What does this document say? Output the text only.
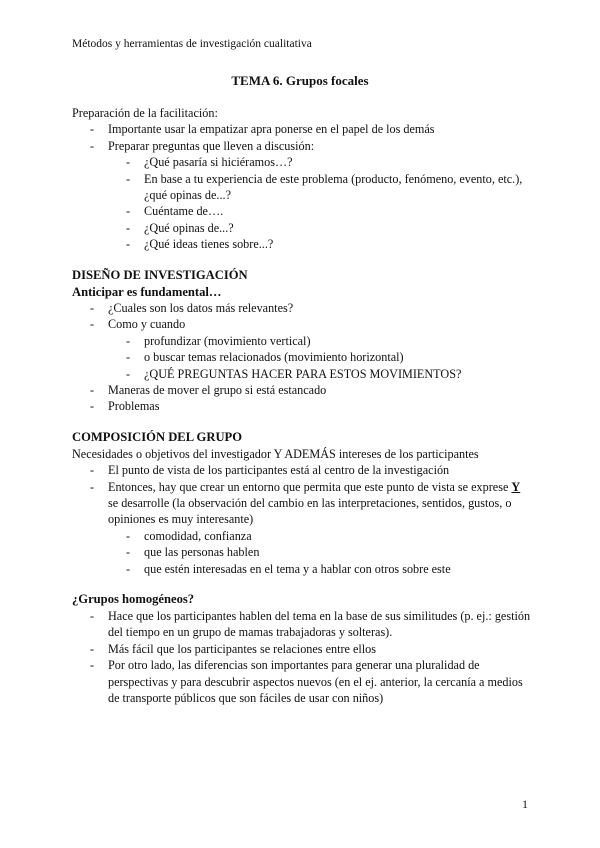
Métodos y herramientas de investigación cualitativa
TEMA 6. Grupos focales

Preparación de la facilitación:

- Importante usar la empatizar apra ponerse en el papel de los demás
- Preparar preguntas que lleven a discusión:
- ¿Qué pasaría si hiciéramos…?
- En base a tu experiencia de este problema (producto, fenómeno, evento, etc.), ¿qué opinas de...?
- Cuéntame de….
- ¿Qué opinas de...?
- ¿Qué ideas tienes sobre...?

DISEÑO DE INVESTIGACIÓN

Anticipar es fundamental…

- ¿Cuales son los datos más relevantes?
- Como y cuando
- profundizar (movimiento vertical)
- o buscar temas relacionados (movimiento horizontal)
- ¿QUÉ PREGUNTAS HACER PARA ESTOS MOVIMIENTOS?
- Maneras de mover el grupo si está estancado
- Problemas

COMPOSICIÓN DEL GRUPO

Necesidades o objetivos del investigador Y ADEMÁS intereses de los participantes

- El punto de vista de los participantes está al centro de la investigación
- Entonces, hay que crear un entorno que permita que este punto de vista se exprese Y se desarrolle (la observación del cambio en las interpretaciones, sentidos, gustos, o opiniones es muy interesante)
- comodidad, confianza
- que las personas hablen
- que estén interesadas en el tema y a hablar con otros sobre este

¿Grupos homogéneos?

- Hace que los participantes hablen del tema en la base de sus similitudes (p. ej.: gestión del tiempo en un grupo de mamas trabajadoras y solteras).
- Más fácil que los participantes se relaciones entre ellos
- Por otro lado, las diferencias son importantes para generar una pluralidad de perspectivas y para descubrir aspectos nuevos (en el ej. anterior, la cercanía a medios de transporte públicos que son fáciles de usar con niños)
1
